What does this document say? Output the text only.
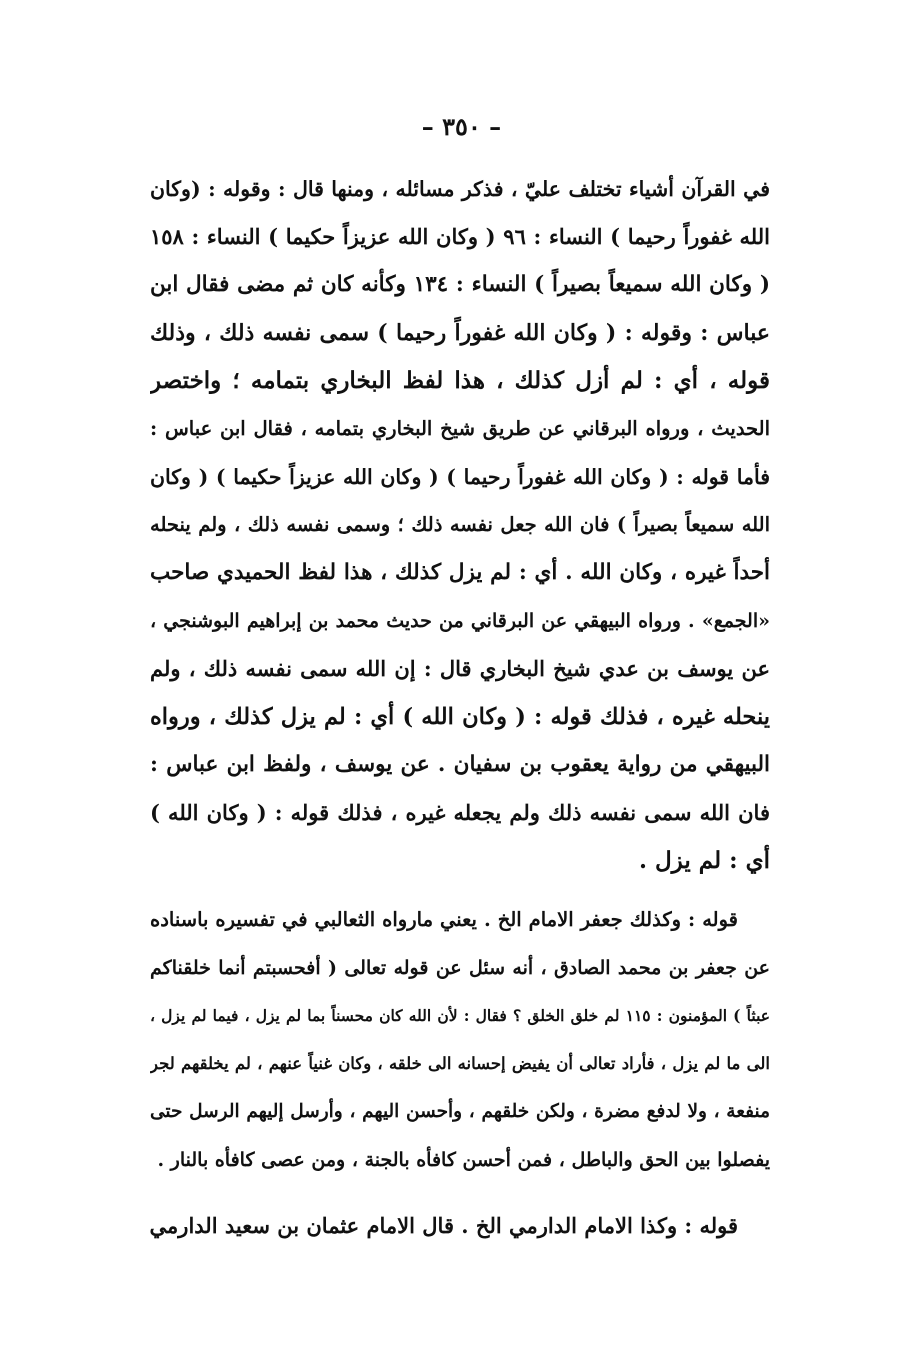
– ٣٥٠ –
في القرآن أشياء تختلف عليّ ، فذكر مسائله ، ومنها قال : وقوله : (وكان
الله غفوراً رحيما ) النساء : ٩٦ ( وكان الله عزيزاً حكيما ) النساء : ١٥٨
( وكان الله سميعاً بصيراً ) النساء : ١٣٤ وكأنه كان ثم مضى فقال ابن
عباس : وقوله : ( وكان الله غفوراً رحيما ) سمى نفسه ذلك ، وذلك
قوله ، أي : لم أزل كذلك ، هذا لفظ البخاري بتمامه ؛ واختصر
الحديث ، ورواه البرقاني عن طريق شيخ البخاري بتمامه ، فقال ابن عباس :
فأما قوله : ( وكان الله غفوراً رحيما ) ( وكان الله عزيزاً حكيما ) ( وكان
الله سميعاً بصيراً ) فان الله جعل نفسه ذلك ؛ وسمى نفسه ذلك ، ولم ينحله
أحداً غيره ، وكان الله . أي : لم يزل كذلك ، هذا لفظ الحميدي صاحب
«الجمع» . ورواه البيهقي عن البرقاني من حديث محمد بن إبراهيم البوشنجي ،
عن يوسف بن عدي شيخ البخاري قال : إن الله سمى نفسه ذلك ، ولم
ينحله غيره ، فذلك قوله : ( وكان الله ) أي : لم يزل كذلك ، ورواه
البيهقي من رواية يعقوب بن سفيان . عن يوسف ، ولفظ ابن عباس :
فان الله سمى نفسه ذلك ولم يجعله غيره ، فذلك قوله : ( وكان الله )
أي : لم يزل .
قوله : وكذلك جعفر الامام الخ . يعني مارواه الثعالبي في تفسيره باسناده
عن جعفر بن محمد الصادق ، أنه سئل عن قوله تعالى ( أفحسبتم أنما خلقناكم
عبثاً ) المؤمنون : ١١٥ لم خلق الخلق ؟ فقال : لأن الله كان محسناً بما لم يزل ، فيما لم يزل ،
الى ما لم يزل ، فأراد تعالى أن يفيض إحسانه الى خلقه ، وكان غنياً عنهم ، لم يخلقهم لجر
منفعة ، ولا لدفع مضرة ، ولكن خلقهم ، وأحسن اليهم ، وأرسل إليهم الرسل حتى
يفصلوا بين الحق والباطل ، فمن أحسن كافأه بالجنة ، ومن عصى كافأه بالنار .
قوله : وكذا الامام الدارمي الخ . قال الامام عثمان بن سعيد الدارمي
